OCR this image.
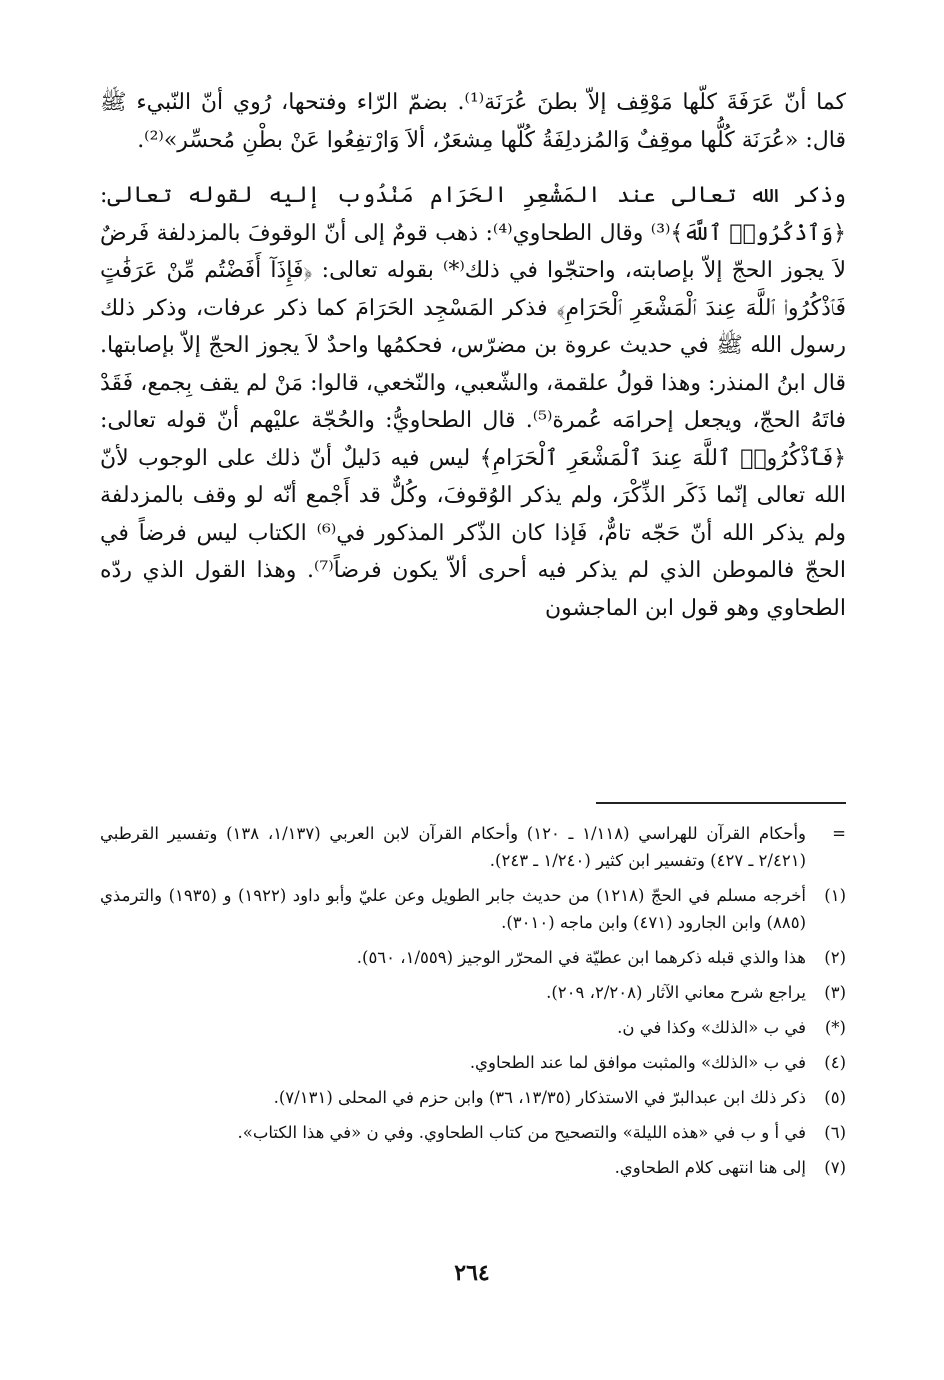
كما أنّ عَرَفَةَ كلّها مَوْقِف إلاّ بطنَ عُرَنَة⁽¹⁾. بضمّ الرّاء وفتحها، رُوي أنّ النّبيء ﷺ قال: «عُرَنَة كُلُّها موقِفٌ وَالمُزدلِفَةُ كُلّها مِشعَرٌ، ألاَ وَارْتفِعُوا عَنْ بطْنِ مُحسِّر»⁽²⁾.

وذكر الله تعالى عند المَشْعِرِ الحَرَام مَنْدُوب إليه لقوله تعالى: ﴿وَٱذْكُرُوا۟ ٱللَّهَ﴾⁽³⁾ وقال الطحاوي⁽⁴⁾: ذهب قومٌ إلى أنّ الوقوفَ بالمزدلفة فَرضٌ لاَ يجوز الحجّ إلاّ بإصابته، واحتجّوا في ذلك⁽*⁾ بقوله تعالى: ﴿فَإِذَآ أَفَضْتُم مِّنْ عَرَفَٰتٍ فَٱذْكُرُوا۟ ٱللَّهَ عِندَ ٱلْمَشْعَرِ ٱلْحَرَامِ﴾ فذكر المَسْجِد الحَرَامَ كما ذكر عرفات، وذكر ذلك رسول الله ﷺ في حديث عروة بن مضرّس، فحكمُها واحدٌ لاَ يجوز الحجّ إلاّ بإصابتها. قال ابنُ المنذر: وهذا قولُ علقمة، والشّعبي، والنّخعي، قالوا: مَنْ لم يقف بِجمع، فَقَدْ فاتَهُ الحجّ، ويجعل إحرامَه عُمرة⁽⁵⁾. قال الطحاويُّ: والحُجّة عليْهم أنّ قوله تعالى: ﴿فَٱذْكُرُوا۟ ٱللَّهَ عِندَ ٱلْمَشْعَرِ ٱلْحَرَامِ﴾ ليس فيه دَليلٌ أنّ ذلك على الوجوب لأنّ الله تعالى إنّما ذَكَر الذِّكْرَ، ولم يذكر الوُقوفَ، وكُلٌّ قد أَجْمع أنّه لو وقف بالمزدلفة ولم يذكر الله أنّ حَجّه تامٌّ، فَإذا كان الذّكر المذكور في⁽⁶⁾ الكتاب ليس فرضاً في الحجّ فالموطن الذي لم يذكر فيه أحرى ألاّ يكون فرضاً⁽⁷⁾. وهذا القول الذي ردّه الطحاوي وهو قول ابن الماجشون

=
وأحكام القرآن للهراسي (١/١١٨ ـ ١٢٠) وأحكام القرآن لابن العربي (١/١٣٧، ١٣٨) وتفسير القرطبي (٢/٤٢١ ـ ٤٢٧) وتفسير ابن كثير (١/٢٤٠ ـ ٢٤٣).
(١)
أخرجه مسلم في الحجّ (١٢١٨) من حديث جابر الطويل وعن عليّ وأبو داود (١٩٢٢) و (١٩٣٥) والترمذي (٨٨٥) وابن الجارود (٤٧١) وابن ماجه (٣٠١٠).
(٢)
هذا والذي قبله ذكرهما ابن عطيّة في المحرّر الوجيز (١/٥٥٩، ٥٦٠).
(٣)
يراجع شرح معاني الآثار (٢/٢٠٨، ٢٠٩).
(*)
في ب «الذلك» وكذا في ن.
(٤)
في ب «الذلك» والمثبت موافق لما عند الطحاوي.
(٥)
ذكر ذلك ابن عبدالبرّ في الاستذكار (١٣/٣٥، ٣٦) وابن حزم في المحلى (٧/١٣١).
(٦)
في أ و ب في «هذه الليلة» والتصحيح من كتاب الطحاوي. وفي ن «في هذا الكتاب».
(٧)
إلى هنا انتهى كلام الطحاوي.
٢٦٤
